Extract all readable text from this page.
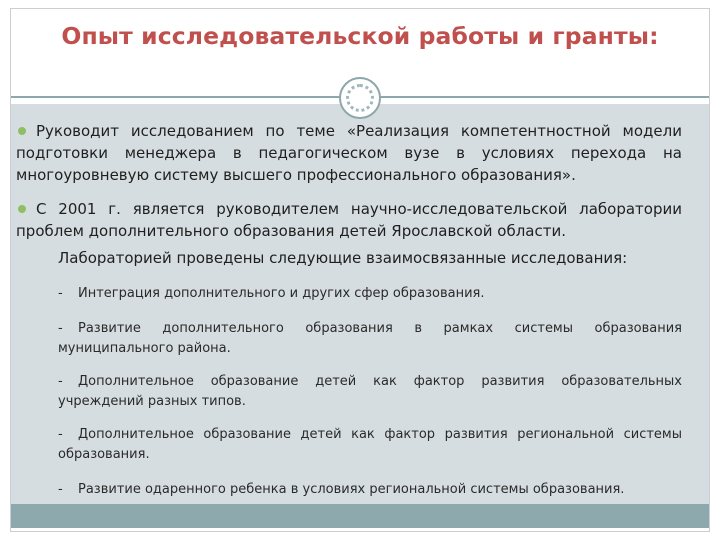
Опыт исследовательской работы и гранты:
Руководит исследованием по теме «Реализация компетентностной модели подготовки менеджера в педагогическом вузе в условиях перехода на многоуровневую систему высшего профессионального образования».
С 2001 г. является руководителем научно-исследовательской лаборатории проблем дополнительного образования детей Ярославской области.
Лабораторией проведены следующие взаимосвязанные исследования:
- Интеграция дополнительного и других сфер образования.
- Развитие дополнительного образования в рамках системы образования муниципального района.
- Дополнительное образование детей как фактор развития образовательных учреждений разных типов.
- Дополнительное образование детей как фактор развития региональной системы образования.
- Развитие одаренного ребенка в условиях региональной системы образования.
